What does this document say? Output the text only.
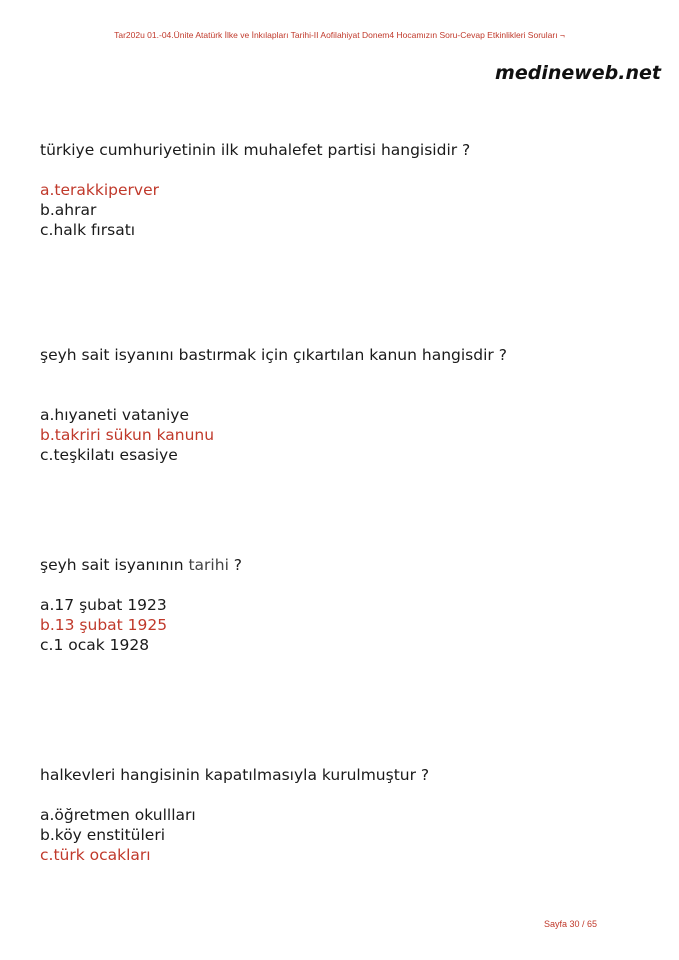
Tar202u 01.-04.Ünite Atatürk İlke ve İnkılapları Tarihi-II Aofilahiyat Donem4 Hocamızın Soru-Cevap Etkinlikleri Soruları ¬
medineweb.net

türkiye cumhuriyetinin ilk muhalefet partisi hangisidir ?

a.terakkiperver

b.ahrar

c.halk fırsatı

şeyh sait isyanını bastırmak için çıkartılan kanun hangisdir ?

a.hıyaneti vataniye

b.takriri sükun kanunu

c.teşkilatı esasiye

şeyh sait isyanının tarihi ?

a.17 şubat 1923

b.13 şubat 1925

c.1 ocak 1928

halkevleri hangisinin kapatılmasıyla kurulmuştur ?

a.öğretmen okullları

b.köy enstitüleri

c.türk ocakları

Sayfa 30 / 65
